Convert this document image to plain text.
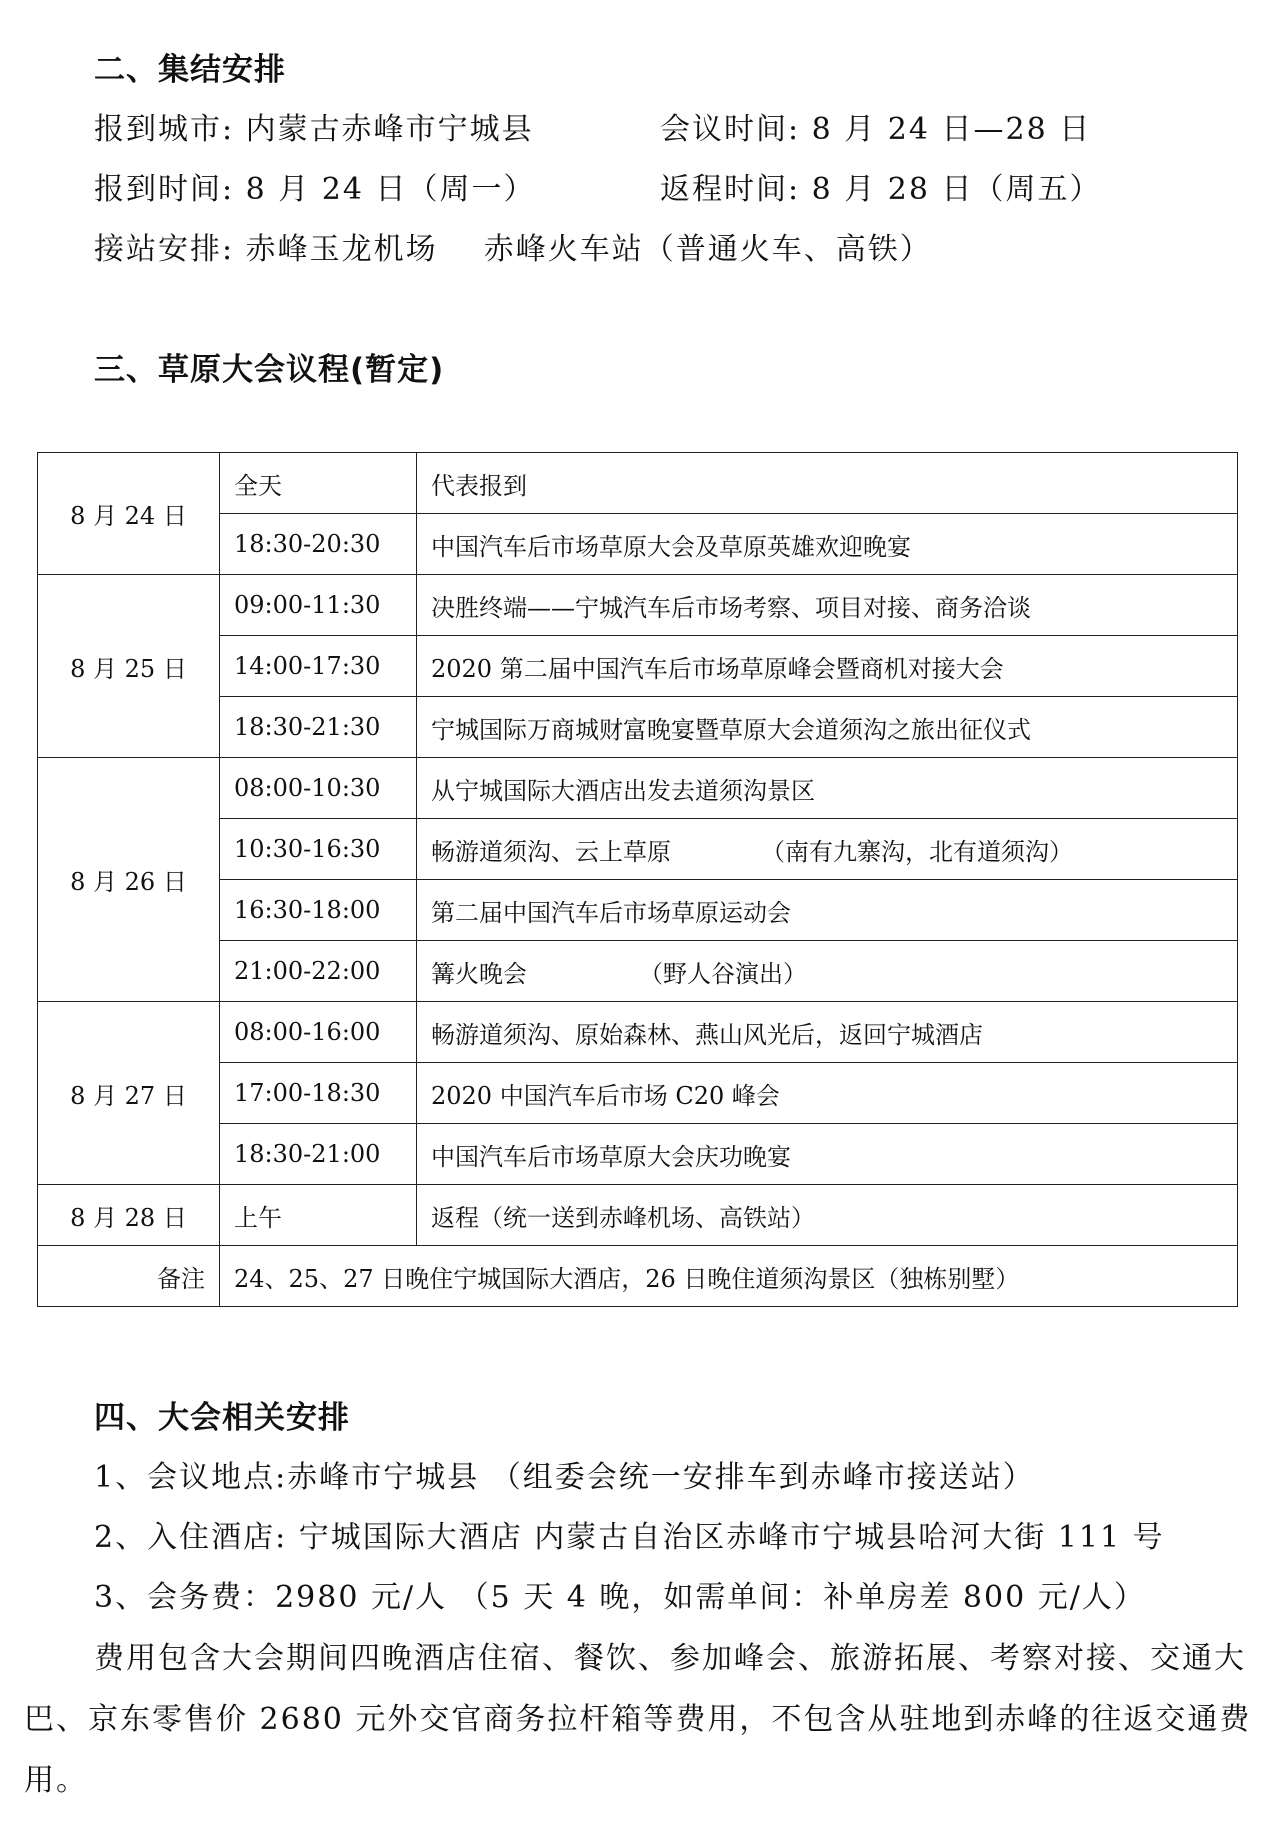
二、集结安排
报到城市: 内蒙古赤峰市宁城县	会议时间: 8 月 24 日—28 日
报到时间: 8 月 24 日（周一）	返程时间: 8 月 28 日（周五）
接站安排: 赤峰玉龙机场    赤峰火车站（普通火车、高铁）
三、草原大会议程(暂定)
8 月 24 日	全天	代表报到
	18:30-20:30	中国汽车后市场草原大会及草原英雄欢迎晚宴
8 月 25 日	09:00-11:30	决胜终端——宁城汽车后市场考察、项目对接、商务洽谈
	14:00-17:30	2020 第二届中国汽车后市场草原峰会暨商机对接大会
	18:30-21:30	宁城国际万商城财富晚宴暨草原大会道须沟之旅出征仪式
8 月 26 日	08:00-10:30	从宁城国际大酒店出发去道须沟景区
	10:30-16:30	畅游道须沟、云上草原 （南有九寨沟，北有道须沟）
	16:30-18:00	第二届中国汽车后市场草原运动会
	21:00-22:00	篝火晚会 （野人谷演出）
8 月 27 日	08:00-16:00	畅游道须沟、原始森林、燕山风光后，返回宁城酒店
	17:00-18:30	2020 中国汽车后市场 C20 峰会
	18:30-21:00	中国汽车后市场草原大会庆功晚宴
8 月 28 日	上午	返程（统一送到赤峰机场、高铁站）
备注	24、25、27 日晚住宁城国际大酒店，26 日晚住道须沟景区（独栋别墅）	
四、大会相关安排
1、会议地点:赤峰市宁城县 （组委会统一安排车到赤峰市接送站）
2、入住酒店: 宁城国际大酒店 内蒙古自治区赤峰市宁城县哈河大街 111 号
3、会务费：2980 元/人 （5 天 4 晚，如需单间：补单房差 800 元/人）
费用包含大会期间四晚酒店住宿、餐饮、参加峰会、旅游拓展、考察对接、交通大巴、京东零售价 2680 元外交官商务拉杆箱等费用，不包含从驻地到赤峰的往返交通费用。
